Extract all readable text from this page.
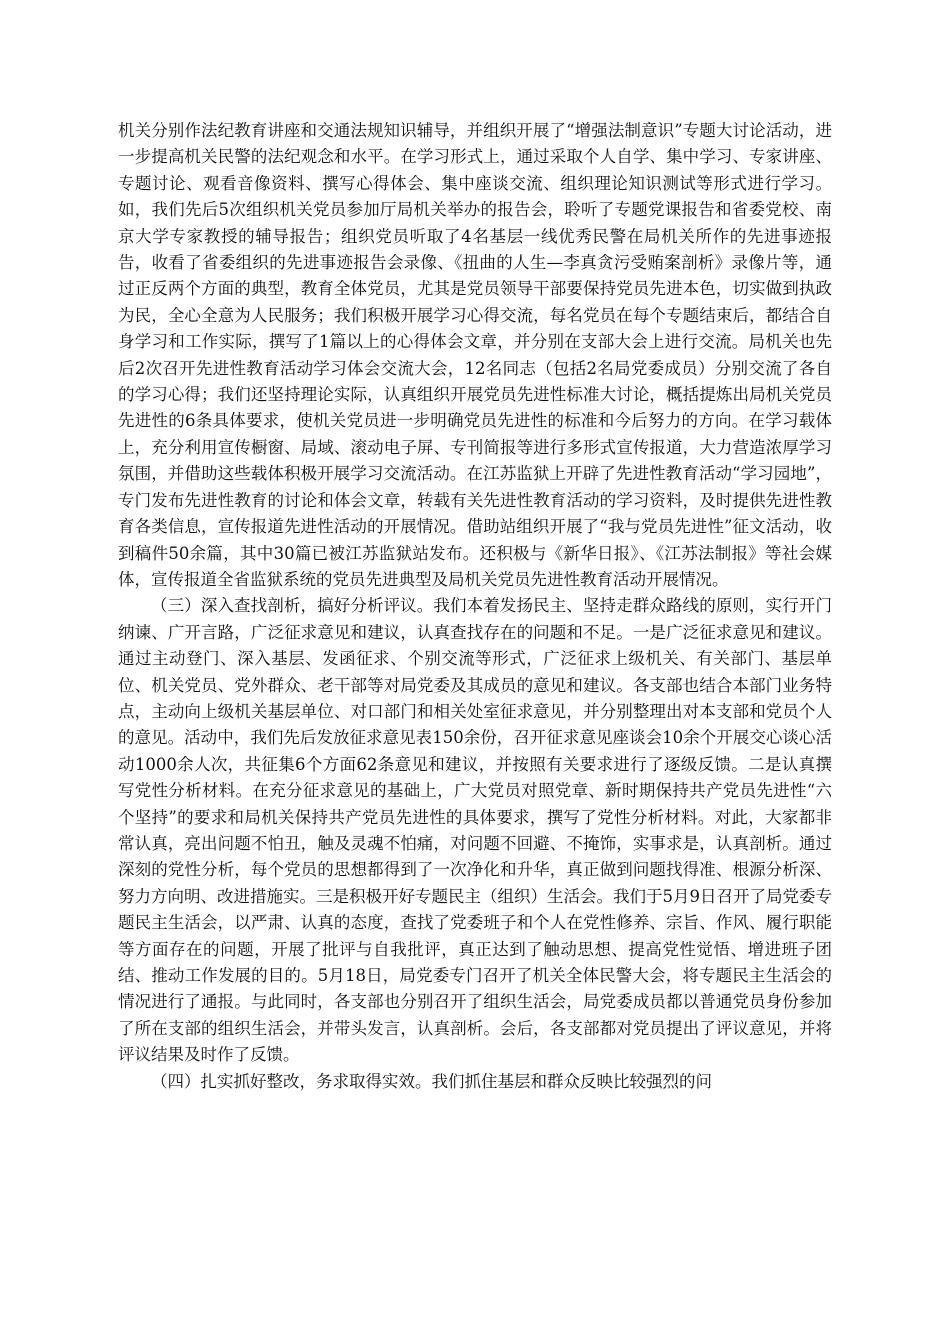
机关分别作法纪教育讲座和交通法规知识辅导，并组织开展了“增强法制意识”专题大讨论活动，进一步提高机关民警的法纪观念和水平。在学习形式上，通过采取个人自学、集中学习、专家讲座、专题讨论、观看音像资料、撰写心得体会、集中座谈交流、组织理论知识测试等形式进行学习。如，我们先后5次组织机关党员参加厅局机关举办的报告会，聆听了专题党课报告和省委党校、南京大学专家教授的辅导报告；组织党员听取了4名基层一线优秀民警在局机关所作的先进事迹报告，收看了省委组织的先进事迹报告会录像、《扭曲的人生—李真贪污受贿案剖析》录像片等，通过正反两个方面的典型，教育全体党员，尤其是党员领导干部要保持党员先进本色，切实做到执政为民，全心全意为人民服务；我们积极开展学习心得交流，每名党员在每个专题结束后，都结合自身学习和工作实际，撰写了1篇以上的心得体会文章，并分别在支部大会上进行交流。局机关也先后2次召开先进性教育活动学习体会交流大会，12名同志（包括2名局党委成员）分别交流了各自的学习心得；我们还坚持理论实际，认真组织开展党员先进性标准大讨论，概括提炼出局机关党员先进性的6条具体要求，使机关党员进一步明确党员先进性的标准和今后努力的方向。在学习载体上，充分利用宣传橱窗、局域、滚动电子屏、专刊简报等进行多形式宣传报道，大力营造浓厚学习氛围，并借助这些载体积极开展学习交流活动。在江苏监狱上开辟了先进性教育活动“学习园地”，专门发布先进性教育的讨论和体会文章，转载有关先进性教育活动的学习资料，及时提供先进性教育各类信息，宣传报道先进性活动的开展情况。借助站组织开展了“我与党员先进性”征文活动，收到稿件50余篇，其中30篇已被江苏监狱站发布。还积极与《新华日报》、《江苏法制报》等社会媒体，宣传报道全省监狱系统的党员先进典型及局机关党员先进性教育活动开展情况。

（三）深入查找剖析，搞好分析评议。我们本着发扬民主、坚持走群众路线的原则，实行开门纳谏、广开言路，广泛征求意见和建议，认真查找存在的问题和不足。一是广泛征求意见和建议。通过主动登门、深入基层、发函征求、个别交流等形式，广泛征求上级机关、有关部门、基层单位、机关党员、党外群众、老干部等对局党委及其成员的意见和建议。各支部也结合本部门业务特点，主动向上级机关基层单位、对口部门和相关处室征求意见，并分别整理出对本支部和党员个人的意见。活动中，我们先后发放征求意见表150余份，召开征求意见座谈会10余个开展交心谈心活动1000余人次，共征集6个方面62条意见和建议，并按照有关要求进行了逐级反馈。二是认真撰写党性分析材料。在充分征求意见的基础上，广大党员对照党章、新时期保持共产党员先进性“六个坚持”的要求和局机关保持共产党员先进性的具体要求，撰写了党性分析材料。对此，大家都非常认真，亮出问题不怕丑，触及灵魂不怕痛，对问题不回避、不掩饰，实事求是，认真剖析。通过深刻的党性分析，每个党员的思想都得到了一次净化和升华，真正做到问题找得准、根源分析深、努力方向明、改进措施实。三是积极开好专题民主（组织）生活会。我们于5月9日召开了局党委专题民主生活会，以严肃、认真的态度，查找了党委班子和个人在党性修养、宗旨、作风、履行职能等方面存在的问题，开展了批评与自我批评，真正达到了触动思想、提高党性觉悟、增进班子团结、推动工作发展的目的。5月18日，局党委专门召开了机关全体民警大会，将专题民主生活会的情况进行了通报。与此同时，各支部也分别召开了组织生活会，局党委成员都以普通党员身份参加了所在支部的组织生活会，并带头发言，认真剖析。会后，各支部都对党员提出了评议意见，并将评议结果及时作了反馈。

（四）扎实抓好整改，务求取得实效。我们抓住基层和群众反映比较强烈的问
